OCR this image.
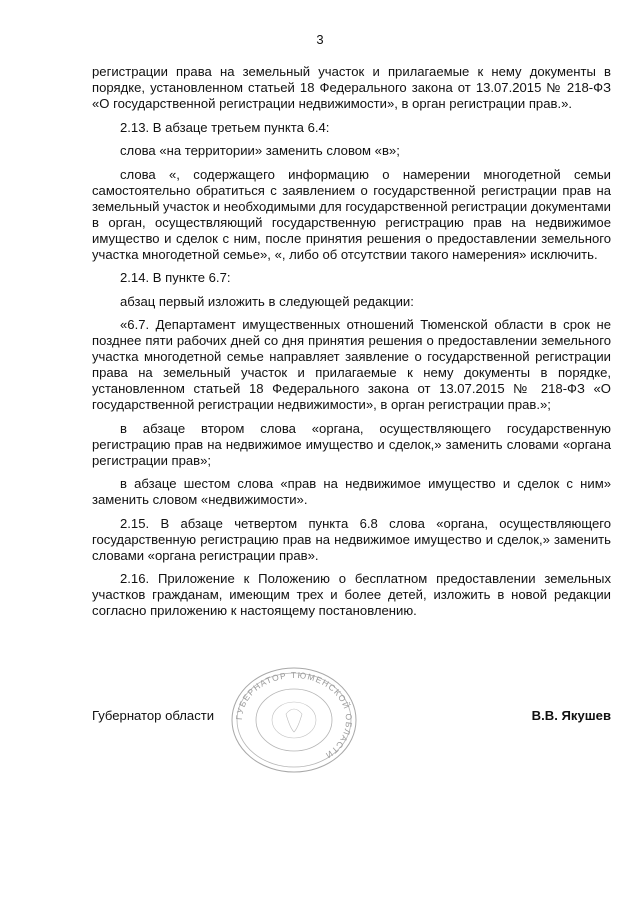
3

регистрации права на земельный участок и прилагаемые к нему документы в порядке, установленном статьей 18 Федерального закона от 13.07.2015 № 218-ФЗ «О государственной регистрации недвижимости», в орган регистрации прав.».

2.13. В абзаце третьем пункта 6.4:

слова «на территории» заменить словом «в»;

слова «, содержащего информацию о намерении многодетной семьи самостоятельно обратиться с заявлением о государственной регистрации прав на земельный участок и необходимыми для государственной регистрации документами в орган, осуществляющий государственную регистрацию прав на недвижимое имущество и сделок с ним, после принятия решения о предоставлении земельного участка многодетной семье», «, либо об отсутствии такого намерения» исключить.

2.14. В пункте 6.7:

абзац первый изложить в следующей редакции:

«6.7. Департамент имущественных отношений Тюменской области в срок не позднее пяти рабочих дней со дня принятия решения о предоставлении земельного участка многодетной семье направляет заявление о государственной регистрации права на земельный участок и прилагаемые к нему документы в порядке, установленном статьей 18 Федерального закона от 13.07.2015 № 218-ФЗ «О государственной регистрации недвижимости», в орган регистрации прав.»;

в абзаце втором слова «органа, осуществляющего государственную регистрацию прав на недвижимое имущество и сделок,» заменить словами «органа регистрации прав»;

в абзаце шестом слова «прав на недвижимое имущество и сделок с ним» заменить словом «недвижимости».

2.15. В абзаце четвертом пункта 6.8 слова «органа, осуществляющего государственную регистрацию прав на недвижимое имущество и сделок,» заменить словами «органа регистрации прав».

2.16. Приложение к Положению о бесплатном предоставлении земельных участков гражданам, имеющим трех и более детей, изложить в новой редакции согласно приложению к настоящему постановлению.

ГУБЕРНАТОР ТЮМЕНСКОЙ ОБЛАСТИ
Губернатор области	В.В. Якушев
